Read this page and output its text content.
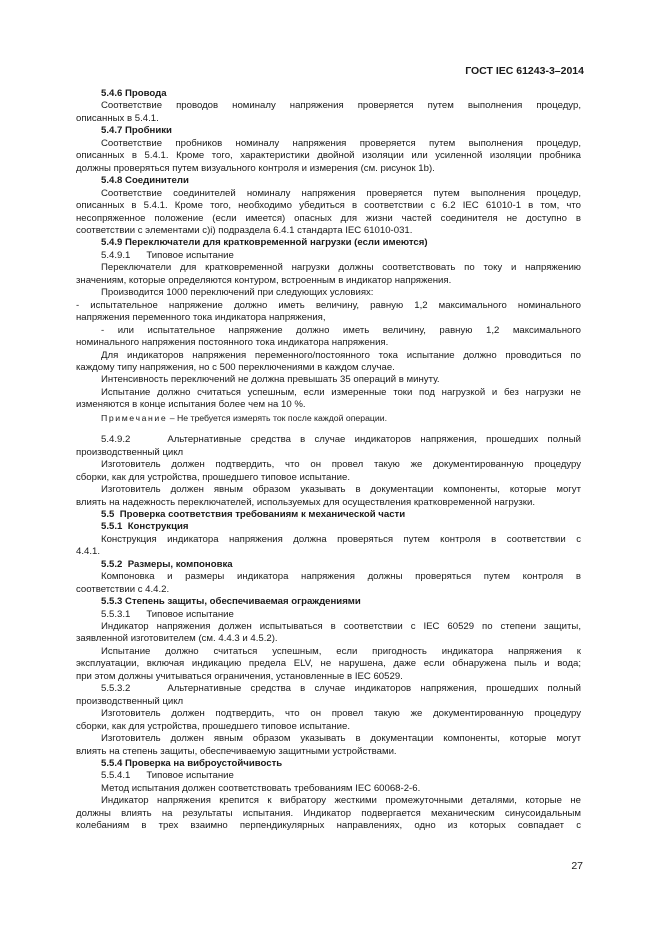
ГОСТ IEC 61243-3–2014

5.4.6 Провода

Соответствие проводов номиналу напряжения проверяется путем выполнения процедур,

описанных в 5.4.1.

5.4.7 Пробники

Соответствие пробников номиналу напряжения проверяется путем выполнения процедур,

описанных в 5.4.1. Кроме того, характеристики двойной изоляции или усиленной изоляции пробника

должны проверяться путем визуального контроля и измерения (см. рисунок 1b).

5.4.8 Соединители

Соответствие соединителей номиналу напряжения проверяется путем выполнения процедур,

описанных в 5.4.1. Кроме того, необходимо убедиться в соответствии с 6.2 IEC 61010-1 в том, что

несопряженное положение (если имеется) опасных для жизни частей соединителя не доступно в

соответствии с элементами c)i) подраздела 6.4.1 стандарта IEC 61010-031.

5.4.9 Переключатели для кратковременной нагрузки (если имеются)

5.4.9.1 Типовое испытание

Переключатели для кратковременной нагрузки должны соответствовать по току и напряжению

значениям, которые определяются контуром, встроенным в индикатор напряжения.

Производится 1000 переключений при следующих условиях:

- испытательное напряжение должно иметь величину, равную 1,2 максимального номинального

напряжения переменного тока индикатора напряжения,

- или испытательное напряжение должно иметь величину, равную 1,2 максимального

номинального напряжения постоянного тока индикатора напряжения.

Для индикаторов напряжения переменного/постоянного тока испытание должно проводиться по

каждому типу напряжения, но с 500 переключениями в каждом случае.

Интенсивность переключений не должна превышать 35 операций в минуту.

Испытание должно считаться успешным, если измеренные токи под нагрузкой и без нагрузки не

изменяются в конце испытания более чем на 10 %.

Примечание – Не требуется измерять ток после каждой операции.

5.4.9.2	Альтернативные средства в случае индикаторов напряжения, прошедших полный

производственный цикл

Изготовитель должен подтвердить, что он провел такую же документированную процедуру

сборки, как для устройства, прошедшего типовое испытание.

Изготовитель должен явным образом указывать в документации компоненты, которые могут

влиять на надежность переключателей, используемых для осуществления кратковременной нагрузки.

5.5 Проверка соответствия требованиям к механической части

5.5.1 Конструкция

Конструкция индикатора напряжения должна проверяться путем контроля в соответствии с

4.4.1.

5.5.2 Размеры, компоновка

Компоновка и размеры индикатора напряжения должны проверяться путем контроля в

соответствии с 4.4.2.

5.5.3 Степень защиты, обеспечиваемая ограждениями

5.5.3.1 Типовое испытание

Индикатор напряжения должен испытываться в соответствии с IEC 60529 по степени защиты,

заявленной изготовителем (см. 4.4.3 и 4.5.2).

Испытание должно считаться успешным, если пригодность индикатора напряжения к

эксплуатации, включая индикацию предела ELV, не нарушена, даже если обнаружена пыль и вода;

при этом должны учитываться ограничения, установленные в IEC 60529.

5.5.3.2	Альтернативные средства в случае индикаторов напряжения, прошедших полный

производственный цикл

Изготовитель должен подтвердить, что он провел такую же документированную процедуру

сборки, как для устройства, прошедшего типовое испытание.

Изготовитель должен явным образом указывать в документации компоненты, которые могут

влиять на степень защиты, обеспечиваемую защитными устройствами.

5.5.4 Проверка на виброустойчивость

5.5.4.1 Типовое испытание

Метод испытания должен соответствовать требованиям IEC 60068-2-6.

Индикатор напряжения крепится к вибратору жесткими промежуточными деталями, которые не

должны влиять на результаты испытания. Индикатор подвергается механическим синусоидальным

колебаниям в трех взаимно перпендикулярных направлениях, одно из которых совпадает с

27
